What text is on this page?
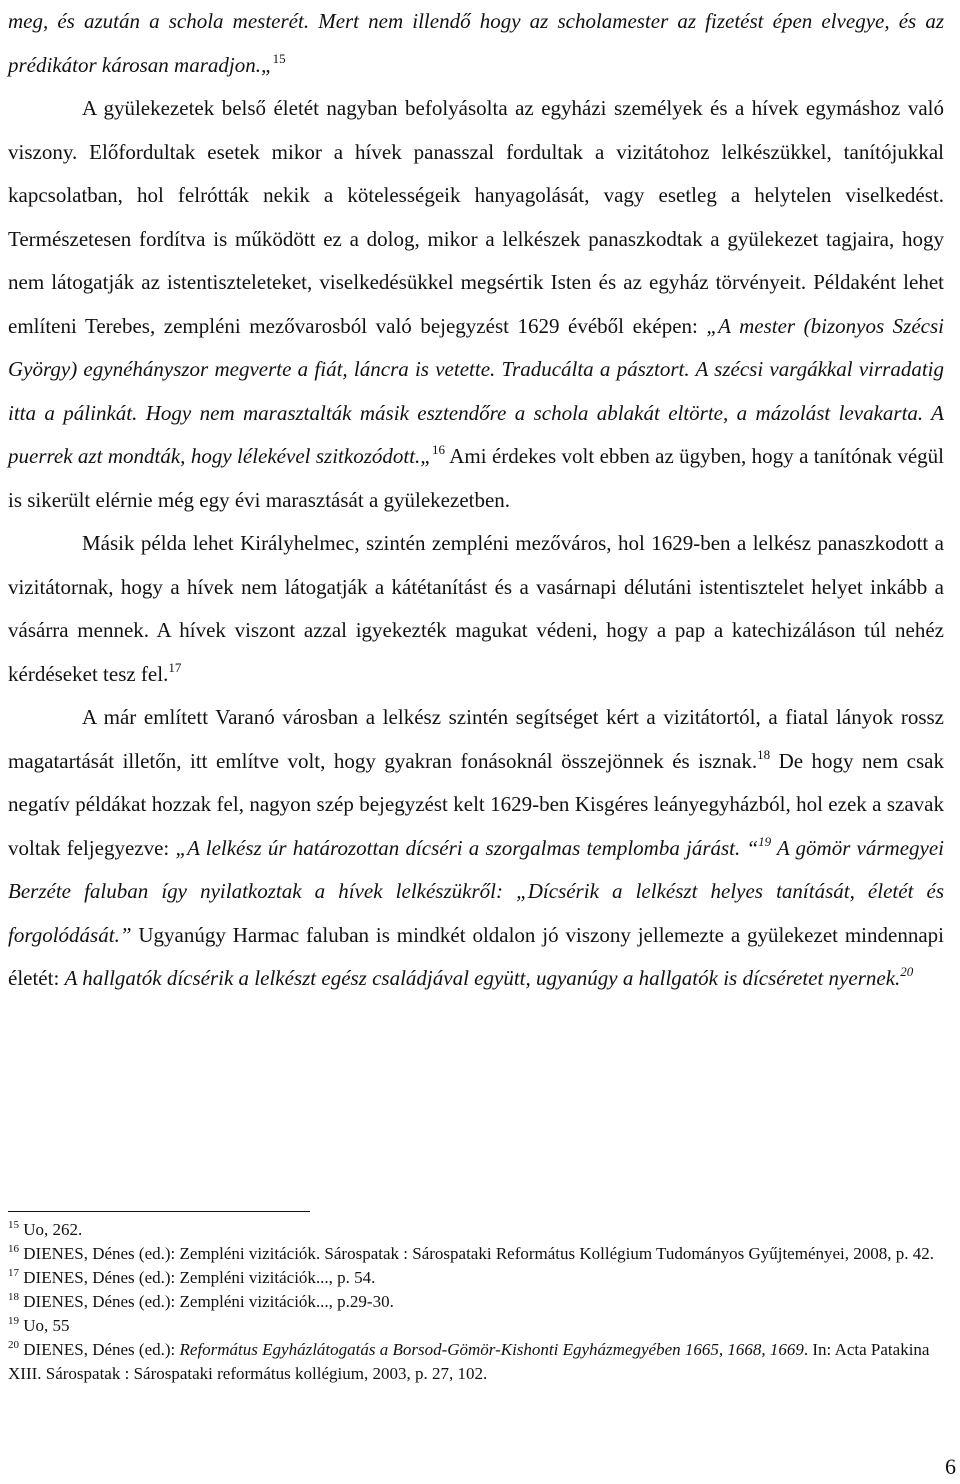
meg, és azután a schola mesterét. Mert nem illendő hogy az scholamester az fizetést épen elvegye, és az prédikátor károsan maradjon.„$^{15}$

A gyülekezetek belső életét nagyban befolyásolta az egyházi személyek és a hívek egymáshoz való viszony. Előfordultak esetek mikor a hívek panasszal fordultak a vizitátohoz lelkészükkel, tanítójukkal kapcsolatban, hol felrótták nekik a kötelességeik hanyagolását, vagy esetleg a helytelen viselkedést. Természetesen fordítva is működött ez a dolog, mikor a lelkészek panaszkodtak a gyülekezet tagjaira, hogy nem látogatják az istentiszteleteket, viselkedésükkel megsértik Isten és az egyház törvényeit. Példaként lehet említeni Terebes, zempléni mezővarosból való bejegyzést 1629 évéből eképen: „A mester (bizonyos Szécsi György) egynéhányszor megverte a fiát, láncra is vetette. Traducálta a pásztort. A szécsi vargákkal virradatig itta a pálinkát. Hogy nem marasztalták másik esztendőre a schola ablakát eltörte, a mázolást levakarta. A puerrek azt mondták, hogy lélekével szitkozódott.„$^{16}$ Ami érdekes volt ebben az ügyben, hogy a tanítónak végül is sikerült elérnie még egy évi marasztását a gyülekezetben.

Másik példa lehet Királyhelmec, szintén zempléni mezőváros, hol 1629-ben a lelkész panaszkodott a vizitátornak, hogy a hívek nem látogatják a kátétanítást és a vasárnapi délutáni istentisztelet helyet inkább a vásárra mennek. A hívek viszont azzal igyekezték magukat védeni, hogy a pap a katechizáláson túl nehéz kérdéseket tesz fel.$^{17}$

A már említett Varanó városban a lelkész szintén segítséget kért a vizitátortól, a fiatal lányok rossz magatartását illetőn, itt említve volt, hogy gyakran fonásoknál összejönnek és isznak.$^{18}$ De hogy nem csak negatív példákat hozzak fel, nagyon szép bejegyzést kelt 1629-ben Kisgéres leányegyházból, hol ezek a szavak voltak feljegyezve: „A lelkész úr határozottan dícséri a szorgalmas templomba járást. “$^{19}$ A gömör vármegyei Berzéte faluban így nyilatkoztak a hívek lelkészükről: „Dícsérik a lelkészt helyes tanítását, életét és forgolódását.” Ugyanúgy Harmac faluban is mindkét oldalon jó viszony jellemezte a gyülekezet mindennapi életét: A hallgatók dícsérik a lelkészt egész családjával együtt, ugyanúgy a hallgatók is dícséretet nyernek.$^{20}$

$^{15}$ Uo, 262.

$^{16}$ DIENES, Dénes (ed.): Zempléni vizitációk. Sárospatak : Sárospataki Református Kollégium Tudományos Gyűjteményei, 2008, p. 42.

$^{17}$ DIENES, Dénes (ed.): Zempléni vizitációk..., p. 54.

$^{18}$ DIENES, Dénes (ed.): Zempléni vizitációk..., p.29-30.

$^{19}$ Uo, 55

$^{20}$ DIENES, Dénes (ed.): Református Egyházlátogatás a Borsod-Gömör-Kishonti Egyházmegyében 1665, 1668, 1669. In: Acta Patakina XIII. Sárospatak : Sárospataki református kollégium, 2003, p. 27, 102.

6
